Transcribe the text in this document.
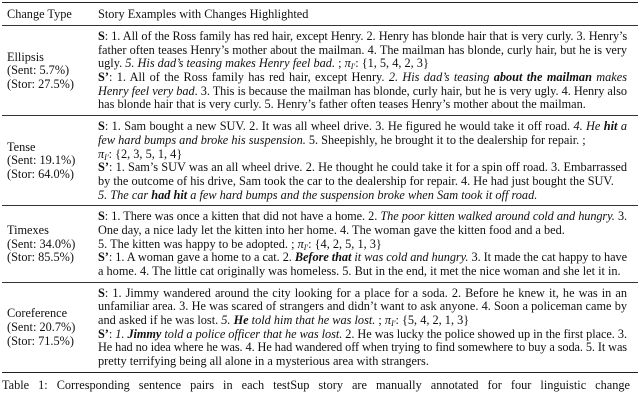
Change Type	Story Examples with Changes Highlighted
Ellipsis
(Sent: 5.7%)
(Stor: 27.5%)
S: 1. All of the Ross family has red hair, except Henry. 2. Henry has blonde hair that is very curly. 3. Henry’s
father often teases Henry’s mother about the mailman. 4. The mailman has blonde, curly hair, but he is very
ugly. 5. His dad’s teasing makes Henry feel bad. ; $\pi_{I'}$: {1, 5, 4, 2, 3}
S’: 1. All of the Ross family has red hair, except Henry. 2. His dad’s teasing about the mailman makes
Henry feel very bad. 3. This is because the mailman has blonde, curly hair, but he is very ugly. 4. Henry also
has blonde hair that is very curly. 5. Henry’s father often teases Henry’s mother about the mailman.
Tense
(Sent: 19.1%)
(Stor: 64.0%)
S: 1. Sam bought a new SUV. 2. It was all wheel drive. 3. He figured he would take it off road. 4. He hit a
few hard bumps and broke his suspension. 5. Sheepishly, he brought it to the dealership for repair. ;
$\pi_{I'}$: {2, 3, 5, 1, 4}
S’: 1. Sam’s SUV was an all wheel drive. 2. He thought he could take it for a spin off road. 3. Embarrassed
by the outcome of his drive, Sam took the car to the dealership for repair. 4. He had just bought the SUV.
5. The car had hit a few hard bumps and the suspension broke when Sam took it off road.
Timexes
(Sent: 34.0%)
(Stor: 85.5%)
S: 1. There was once a kitten that did not have a home. 2. The poor kitten walked around cold and hungry. 3.
One day, a nice lady let the kitten into her home. 4. The woman gave the kitten food and a bed.
5. The kitten was happy to be adopted. ; $\pi_{I'}$: {4, 2, 5, 1, 3}
S’: 1. A woman gave a home to a cat. 2. Before that it was cold and hungry. 3. It made the cat happy to have
a home. 4. The little cat originally was homeless. 5. But in the end, it met the nice woman and she let it in.
Coreference
(Sent: 20.7%)
(Stor: 71.5%)
S: 1. Jimmy wandered around the city looking for a place for a soda. 2. Before he knew it, he was in an
unfamiliar area. 3. He was scared of strangers and didn’t want to ask anyone. 4. Soon a policeman came by
and asked if he was lost. 5. He told him that he was lost. ; $\pi_{I'}$: {5, 4, 2, 1, 3}
S’: 1. Jimmy told a police officer that he was lost. 2. He was lucky the police showed up in the first place. 3.
He had no idea where he was. 4. He had wandered off when trying to find somewhere to buy a soda. 5. It was
pretty terrifying being all alone in a mysterious area with strangers.
Table 1: Corresponding sentence pairs in each testSup story are manually annotated for four linguistic change
